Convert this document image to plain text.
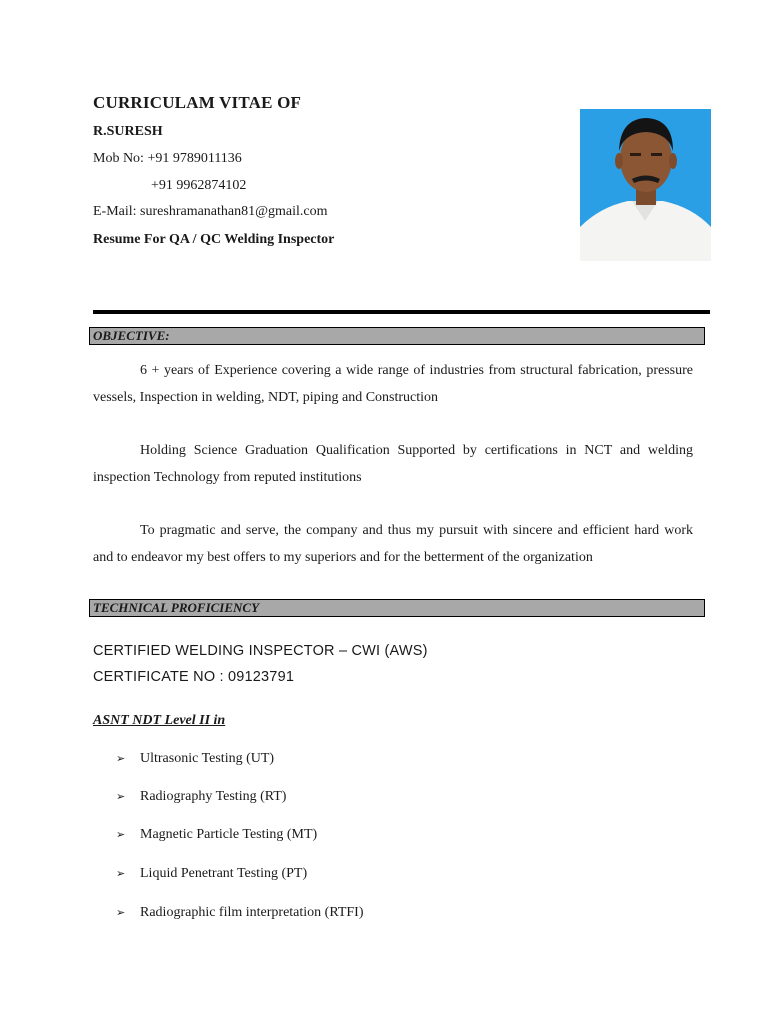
CURRICULAM VITAE OF
R.SURESH
Mob No: +91 9789011136
+91 9962874102
E-Mail: sureshramanathan81@gmail.com
Resume For QA / QC Welding Inspector
OBJECTIVE:

6 + years of Experience covering a wide range of industries from structural fabrication, pressure vessels, Inspection in welding, NDT, piping and Construction

Holding Science Graduation Qualification Supported by certifications in NCT and welding inspection Technology from reputed institutions

To pragmatic and serve, the company and thus my pursuit with sincere and efficient hard work and to endeavor my best offers to my superiors and for the betterment of the organization

TECHNICAL PROFICIENCY
CERTIFIED WELDING INSPECTOR – CWI (AWS)
CERTIFICATE NO : 09123791
ASNT NDT Level II in
➢ Ultrasonic Testing (UT)
➢ Radiography Testing (RT)
➢ Magnetic Particle Testing (MT)
➢ Liquid Penetrant Testing (PT)
➢ Radiographic film interpretation (RTFI)
